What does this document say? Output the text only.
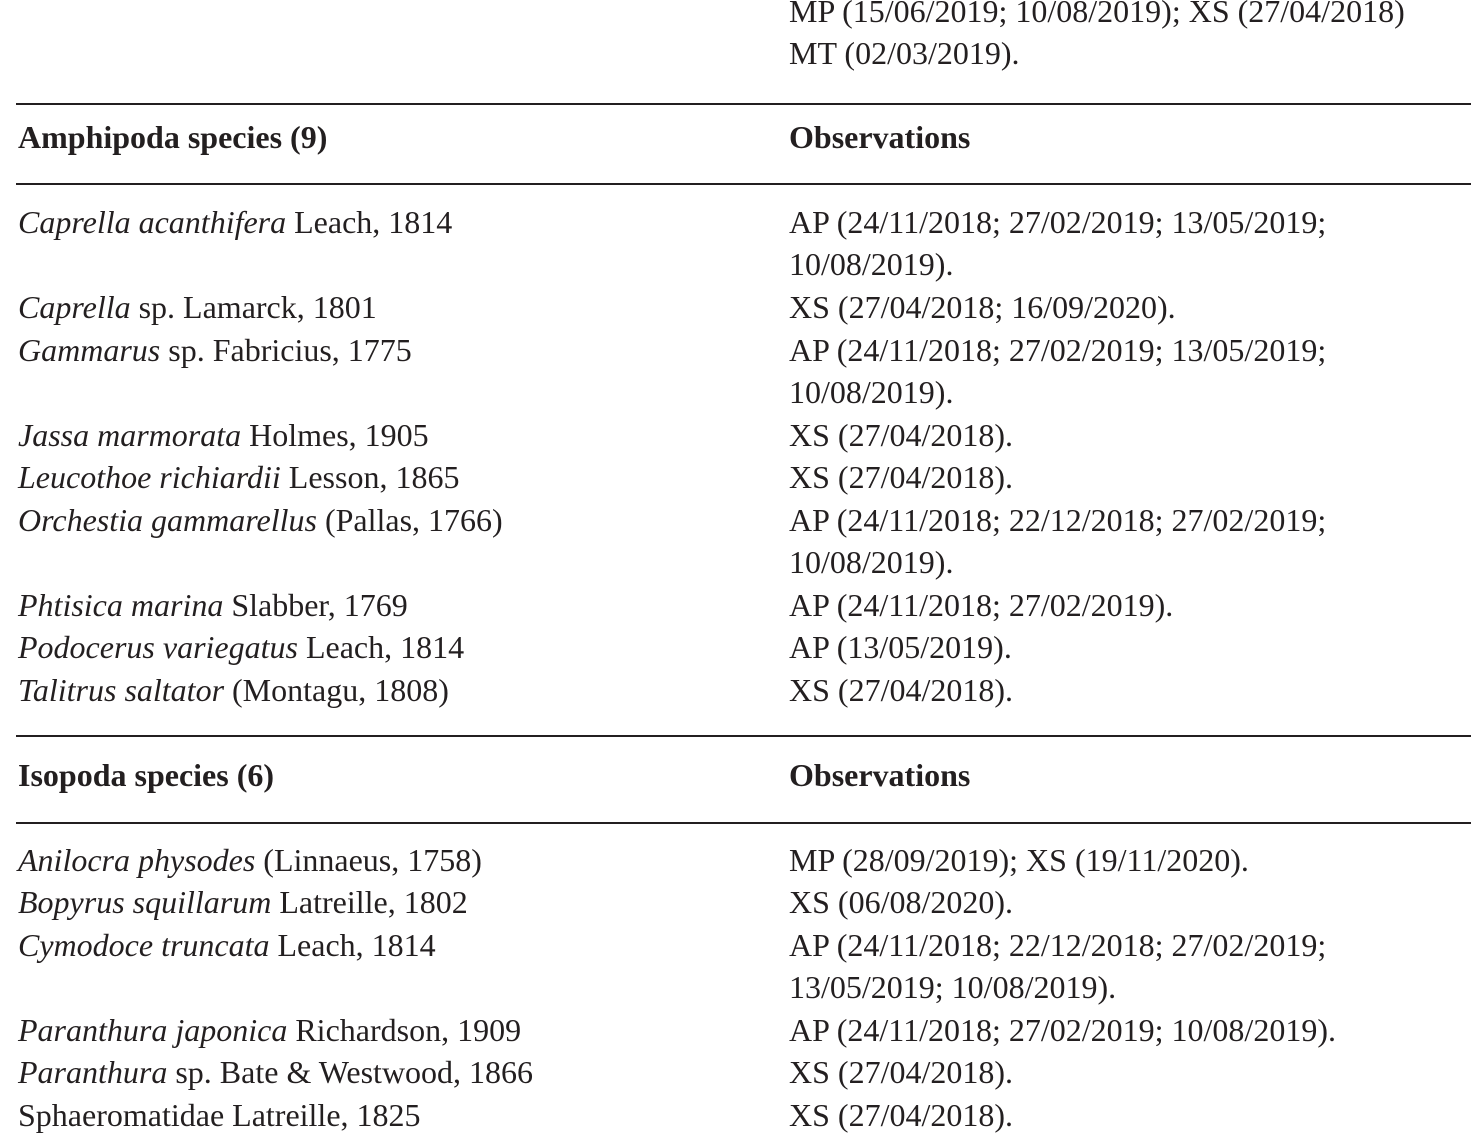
MP (15/06/2019; 10/08/2019); XS (27/04/2018)
MT (02/03/2019).
Amphipoda species (9)	Observations
Caprella acanthifera Leach, 1814	AP (24/11/2018; 27/02/2019; 13/05/2019; 10/08/2019).
Caprella sp. Lamarck, 1801	XS (27/04/2018; 16/09/2020).
Gammarus sp. Fabricius, 1775	AP (24/11/2018; 27/02/2019; 13/05/2019; 10/08/2019).
Jassa marmorata Holmes, 1905	XS (27/04/2018).
Leucothoe richiardii Lesson, 1865	XS (27/04/2018).
Orchestia gammarellus (Pallas, 1766)	AP (24/11/2018; 22/12/2018; 27/02/2019; 10/08/2019).
Phtisica marina Slabber, 1769	AP (24/11/2018; 27/02/2019).
Podocerus variegatus Leach, 1814	AP (13/05/2019).
Talitrus saltator (Montagu, 1808)	XS (27/04/2018).
Isopoda species (6)	Observations
Anilocra physodes (Linnaeus, 1758)	MP (28/09/2019); XS (19/11/2020).
Bopyrus squillarum Latreille, 1802	XS (06/08/2020).
Cymodoce truncata Leach, 1814	AP (24/11/2018; 22/12/2018; 27/02/2019; 13/05/2019; 10/08/2019).
Paranthura japonica Richardson, 1909	AP (24/11/2018; 27/02/2019; 10/08/2019).
Paranthura sp. Bate & Westwood, 1866	XS (27/04/2018).
Sphaeromatidae Latreille, 1825	XS (27/04/2018).
